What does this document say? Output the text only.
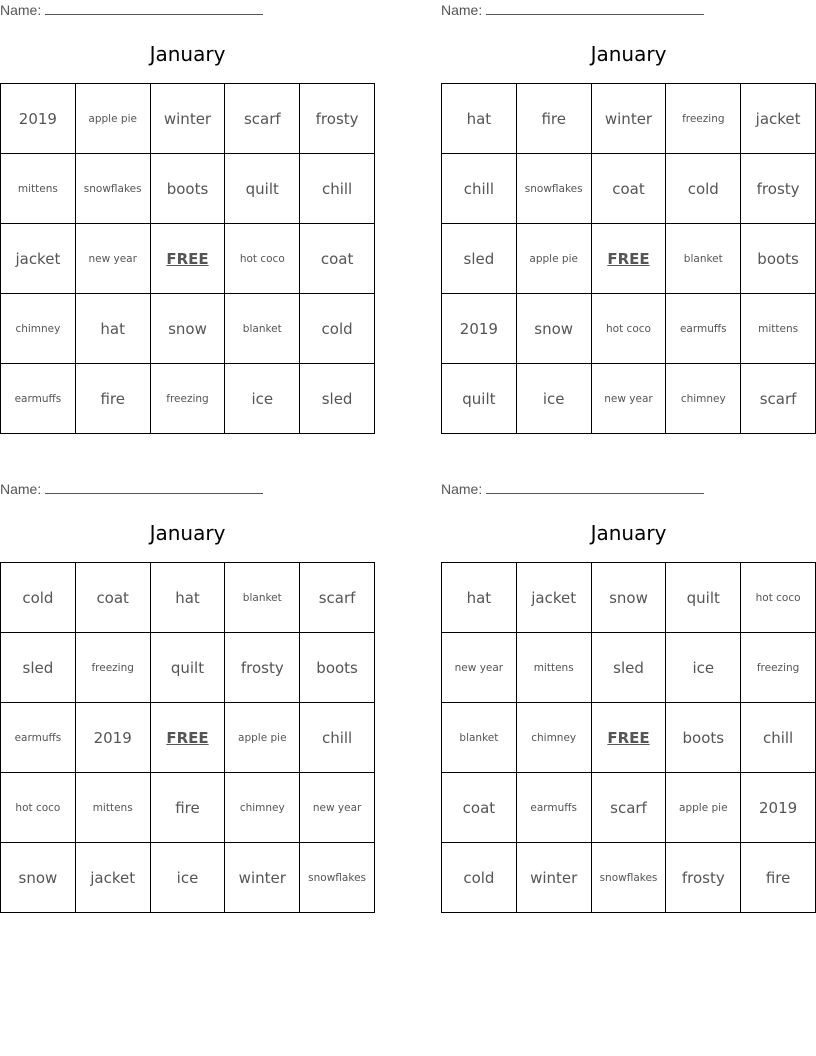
Name:
January
2019	apple pie	winter	scarf	frosty
mittens	snowflakes	boots	quilt	chill
jacket	new year	FREE	hot coco	coat
chimney	hat	snow	blanket	cold
earmuffs	fire	freezing	ice	sled
Name:
January
hat	fire	winter	freezing	jacket
chill	snowflakes	coat	cold	frosty
sled	apple pie	FREE	blanket	boots
2019	snow	hot coco	earmuffs	mittens
quilt	ice	new year	chimney	scarf
Name:
January
cold	coat	hat	blanket	scarf
sled	freezing	quilt	frosty	boots
earmuffs	2019	FREE	apple pie	chill
hot coco	mittens	fire	chimney	new year
snow	jacket	ice	winter	snowflakes
Name:
January
hat	jacket	snow	quilt	hot coco
new year	mittens	sled	ice	freezing
blanket	chimney	FREE	boots	chill
coat	earmuffs	scarf	apple pie	2019
cold	winter	snowflakes	frosty	fire
